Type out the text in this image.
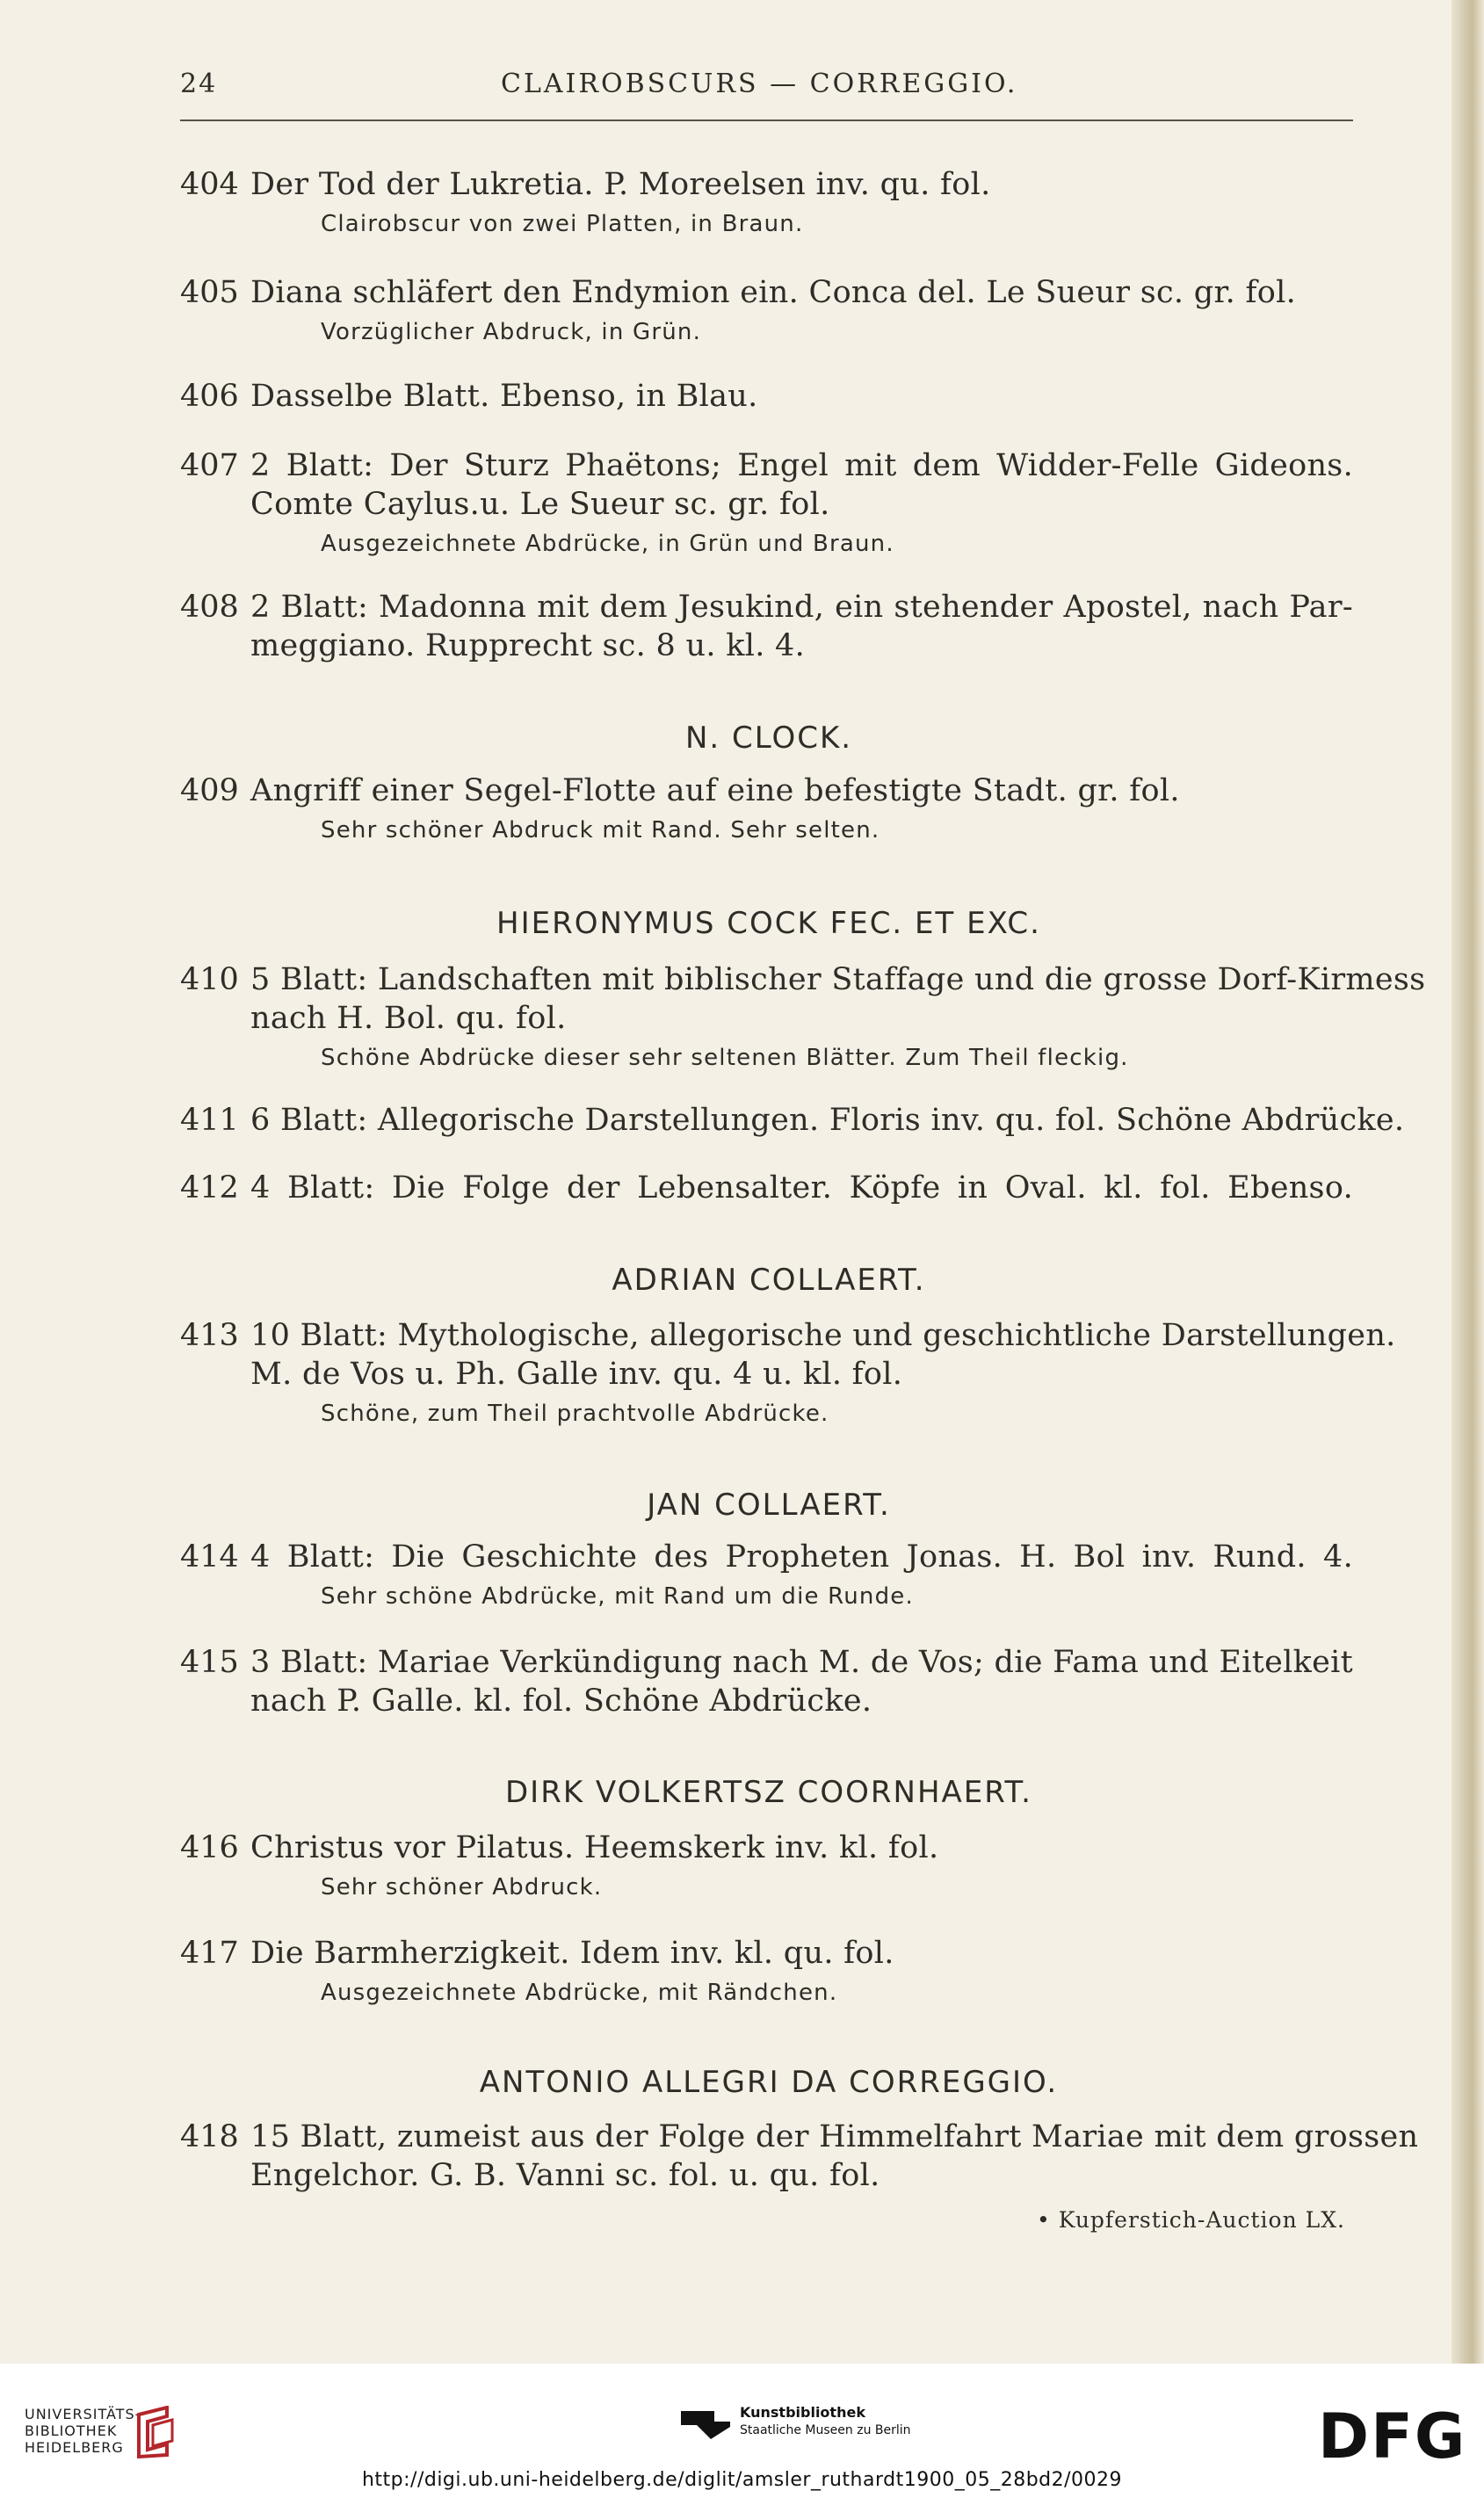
24	CLAIROBSCURS — CORREGGIO.
404 Der Tod der Lukretia. P. Moreelsen inv. qu. fol.
Clairobscur von zwei Platten, in Braun.
405 Diana schläfert den Endymion ein. Conca del. Le Sueur sc. gr. fol.
Vorzüglicher Abdruck, in Grün.
406 Dasselbe Blatt. Ebenso, in Blau.
407 2 Blatt: Der Sturz Phaëtons; Engel mit dem Widder-Felle Gideons.
Comte Caylus.u. Le Sueur sc. gr. fol.
Ausgezeichnete Abdrücke, in Grün und Braun.
408 2 Blatt: Madonna mit dem Jesukind, ein stehender Apostel, nach Par-
meggiano. Rupprecht sc. 8 u. kl. 4.
N. CLOCK.
409 Angriff einer Segel-Flotte auf eine befestigte Stadt. gr. fol.
Sehr schöner Abdruck mit Rand. Sehr selten.
HIERONYMUS COCK FEC. ET EXC.
410 5 Blatt: Landschaften mit biblischer Staffage und die grosse Dorf-Kirmess
nach H. Bol. qu. fol.
Schöne Abdrücke dieser sehr seltenen Blätter. Zum Theil fleckig.
411 6 Blatt: Allegorische Darstellungen. Floris inv. qu. fol. Schöne Abdrücke.
412 4 Blatt: Die Folge der Lebensalter. Köpfe in Oval. kl. fol. Ebenso.
ADRIAN COLLAERT.
413 10 Blatt: Mythologische, allegorische und geschichtliche Darstellungen.
M. de Vos u. Ph. Galle inv. qu. 4 u. kl. fol.
Schöne, zum Theil prachtvolle Abdrücke.
JAN COLLAERT.
414 4 Blatt: Die Geschichte des Propheten Jonas. H. Bol inv. Rund. 4.
Sehr schöne Abdrücke, mit Rand um die Runde.
415 3 Blatt: Mariae Verkündigung nach M. de Vos; die Fama und Eitelkeit
nach P. Galle. kl. fol. Schöne Abdrücke.
DIRK VOLKERTSZ COORNHAERT.
416 Christus vor Pilatus. Heemskerk inv. kl. fol.
Sehr schöner Abdruck.
417 Die Barmherzigkeit. Idem inv. kl. qu. fol.
Ausgezeichnete Abdrücke, mit Rändchen.
ANTONIO ALLEGRI DA CORREGGIO.
418 15 Blatt, zumeist aus der Folge der Himmelfahrt Mariae mit dem grossen
Engelchor. G. B. Vanni sc. fol. u. qu. fol.
• Kupferstich-Auction LX.
UNIVERSITÄTS-
BIBLIOTHEK
HEIDELBERG
Kunstbibliothek
Staatliche Museen zu Berlin	DFG
http://digi.ub.uni-heidelberg.de/diglit/amsler_ruthardt1900_05_28bd2/0029
